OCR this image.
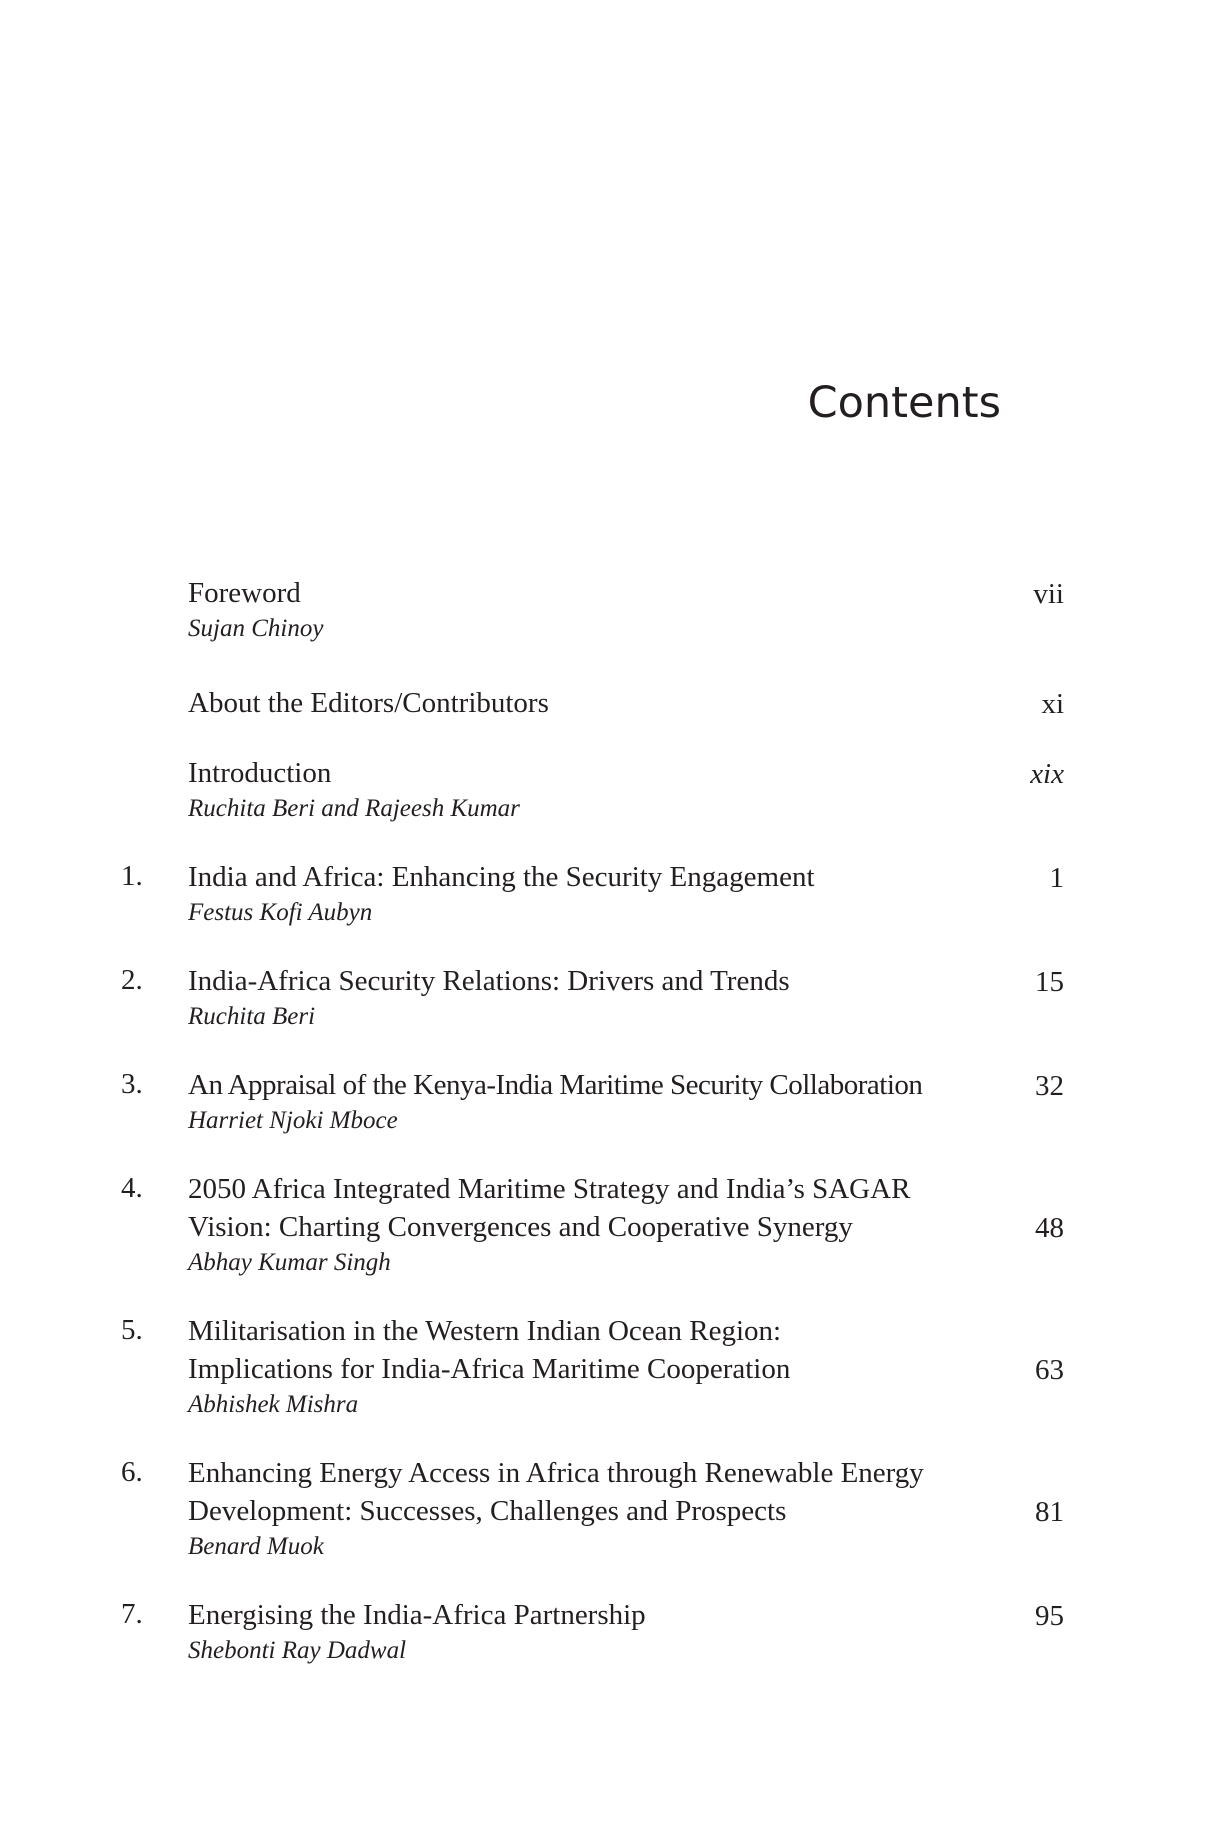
Contents
Foreword	vii
Sujan Chinoy
About the Editors/Contributors	xi
Introduction	xix
Ruchita Beri and Rajeesh Kumar
1. India and Africa: Enhancing the Security Engagement	1
Festus Kofi Aubyn
2. India-Africa Security Relations: Drivers and Trends	15
Ruchita Beri
3. An Appraisal of the Kenya-India Maritime Security Collaboration	32
Harriet Njoki Mboce
4. 2050 Africa Integrated Maritime Strategy and India’s SAGAR Vision: Charting Convergences and Cooperative Synergy	48
Abhay Kumar Singh
5. Militarisation in the Western Indian Ocean Region: Implications for India-Africa Maritime Cooperation	63
Abhishek Mishra
6. Enhancing Energy Access in Africa through Renewable Energy Development: Successes, Challenges and Prospects	81
Benard Muok
7. Energising the India-Africa Partnership	95
Shebonti Ray Dadwal
